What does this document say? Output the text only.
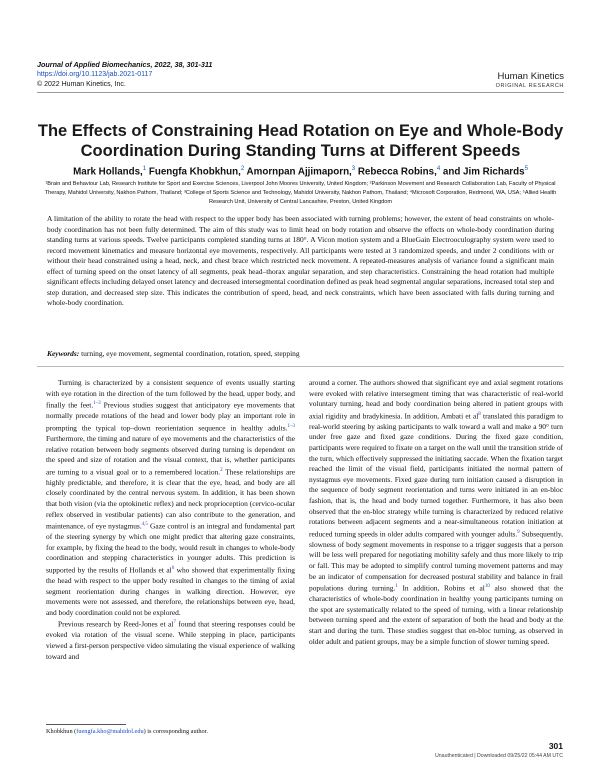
Journal of Applied Biomechanics, 2022, 38, 301-311
https://doi.org/10.1123/jab.2021-0117
© 2022 Human Kinetics, Inc.
Human Kinetics
ORIGINAL RESEARCH
The Effects of Constraining Head Rotation on Eye and Whole-Body Coordination During Standing Turns at Different Speeds
Mark Hollands,$^1$ Fuengfa Khobkhun,$^2$ Amornpan Ajjimaporn,$^3$ Rebecca Robins,$^4$ and Jim Richards$^5$
¹Brain and Behaviour Lab, Research Institute for Sport and Exercise Sciences, Liverpool John Moores University, United Kingdom; ²Parkinson Movement and Research Collaboration Lab, Faculty of Physical Therapy, Mahidol University, Nakhon Pathom, Thailand; ³College of Sports Science and Technology, Mahidol University, Nakhon Pathom, Thailand; ⁴Microsoft Corporation, Redmond, WA, USA; ⁵Allied Health Research Unit, University of Central Lancashire, Preston, United Kingdom
A limitation of the ability to rotate the head with respect to the upper body has been associated with turning problems; however, the extent of head constraints on whole-body coordination has not been fully determined. The aim of this study was to limit head on body rotation and observe the effects on whole-body coordination during standing turns at various speeds. Twelve participants completed standing turns at 180°. A Vicon motion system and a BlueGain Electrooculography system were used to record movement kinematics and measure horizontal eye movements, respectively. All participants were tested at 3 randomized speeds, and under 2 conditions with or without their head constrained using a head, neck, and chest brace which restricted neck movement. A repeated-measures analysis of variance found a significant main effect of turning speed on the onset latency of all segments, peak head–thorax angular separation, and step characteristics. Constraining the head rotation had multiple significant effects including delayed onset latency and decreased intersegmental coordination defined as peak head segmental angular separations, increased total step and step duration, and decreased step size. This indicates the contribution of speed, head, and neck constraints, which have been associated with falls during turning and whole-body coordination.
Keywords: turning, eye movement, segmental coordination, rotation, speed, stepping

Turning is characterized by a consistent sequence of events usually starting with eye rotation in the direction of the turn followed by the head, upper body, and finally the feet.$^{1-3}$ Previous studies suggest that anticipatory eye movements that normally precede rotations of the head and lower body play an important role in prompting the typical top–down reorientation sequence in healthy adults.$^{1-3}$ Furthermore, the timing and nature of eye movements and the characteristics of the relative rotation between body segments observed during turning is dependent on the speed and size of rotation and the visual context, that is, whether participants are turning to a visual goal or to a remembered location.$^2$ These relationships are highly predictable, and therefore, it is clear that the eye, head, and body are all closely coordinated by the central nervous system. In addition, it has been shown that both vision (via the optokinetic reflex) and neck proprioception (cervico-ocular reflex observed in vestibular patients) can also contribute to the generation, and maintenance, of eye nystagmus.$^{4,5}$ Gaze control is an integral and fundamental part of the steering synergy by which one might predict that altering gaze constraints, for example, by fixing the head to the body, would result in changes to whole-body coordination and stepping characteristics in younger adults. This prediction is supported by the results of Hollands et $al^6$ who showed that experimentally fixing the head with respect to the upper body resulted in changes to the timing of axial segment reorientation during changes in walking direction. However, eye movements were not assessed, and therefore, the relationships between eye, head, and body coordination could not be explored.

Previous research by Reed-Jones et $al^7$ found that steering responses could be evoked via rotation of the visual scene. While stepping in place, participants viewed a first-person perspective video simulating the visual experience of walking toward and

around a corner. The authors showed that significant eye and axial segment rotations were evoked with relative intersegment timing that was characteristic of real-world voluntary turning, head and body coordination being altered in patient groups with axial rigidity and bradykinesia. In addition, Ambati et $al^8$ translated this paradigm to real-world steering by asking participants to walk toward a wall and make a 90° turn under free gaze and fixed gaze conditions. During the fixed gaze condition, participants were required to fixate on a target on the wall until the transition stride of the turn, which effectively suppressed the initiating saccade. When the fixation target reached the limit of the visual field, participants initiated the normal pattern of nystagmus eye movements. Fixed gaze during turn initiation caused a disruption in the sequence of body segment reorientation and turns were initiated in an en-bloc fashion, that is, the head and body turned together. Furthermore, it has also been observed that the en-bloc strategy while turning is characterized by reduced relative rotations between adjacent segments and a near-simultaneous rotation initiation at reduced turning speeds in older adults compared with younger adults.$^9$ Subsequently, slowness of body segment movements in response to a trigger suggests that a person will be less well prepared for negotiating mobility safely and thus more likely to trip or fall. This may be adopted to simplify control turning movement patterns and may be an indicator of compensation for decreased postural stability and balance in frail populations during turning.$^1$ In addition, Robins et $al^{10}$ also showed that the characteristics of whole-body coordination in healthy young participants turning on the spot are systematically related to the speed of turning, with a linear relationship between turning speed and the extent of separation of both the head and body at the start and during the turn. These studies suggest that en-bloc turning, as observed in older adult and patient groups, may be a simple function of slower turning speed.

Khobkhun (fuengfa.kho@mahidol.edu) is corresponding author.
301
Unauthenticated | Downloaded 09/25/22 05:44 AM UTC
